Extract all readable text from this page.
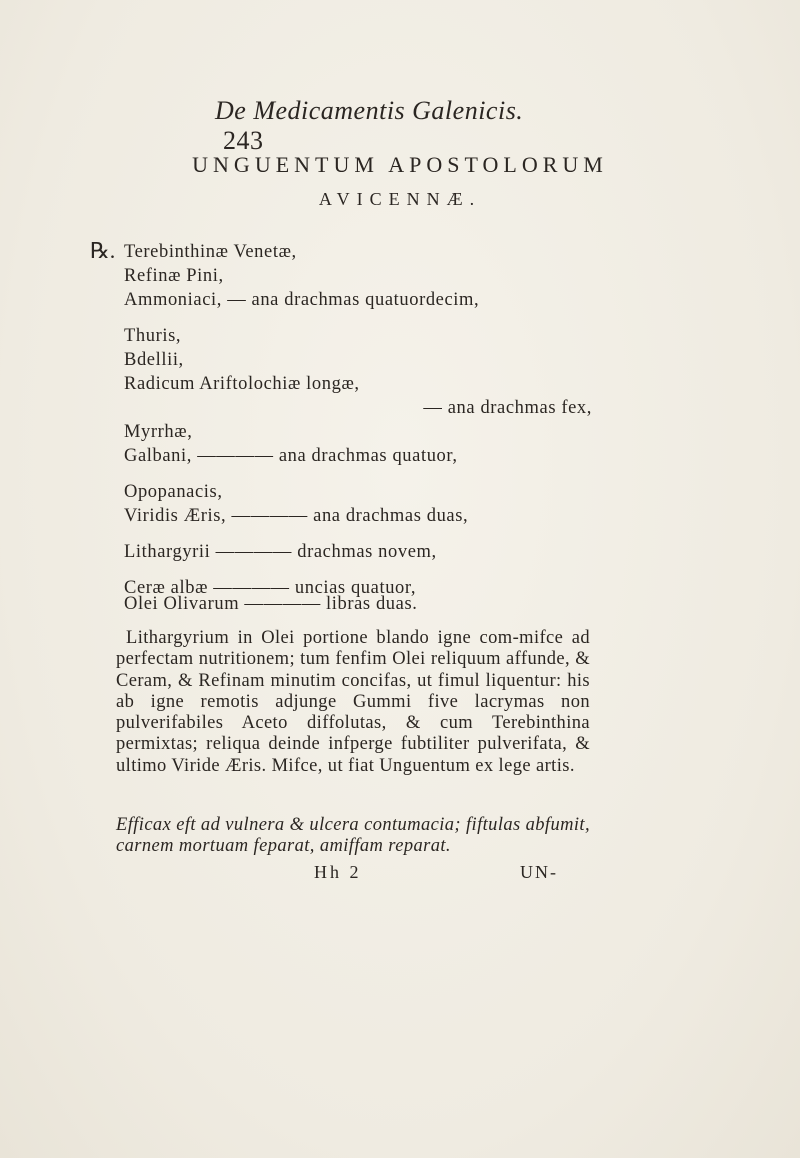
De Medicamentis Galenicis. 243
UNGUENTUM APOSTOLORUM
AVICENNÆ.
℞. Terebinthinæ Venetæ,
Refinæ Pini,
Ammoniaci, — ana drachmas quatuordecim,
Thuris,
Bdellii,
Radicum Ariftolochiæ longæ,
— ana drachmas fex,
Myrrhæ,
Galbani, ———— ana drachmas quatuor,
Opopanacis,
Viridis Æris, ———— ana drachmas duas,
Lithargyrii ———— drachmas novem,
Ceræ albæ ———— uncias quatuor,
Olei Olivarum ———— libras duas.
Lithargyrium in Olei portione blando igne com-mifce ad perfectam nutritionem; tum fenfim Olei reliquum affunde, & Ceram, & Refinam minutim concifas, ut fimul liquentur: his ab igne remotis adjunge Gummi five lacrymas non pulverifabiles Aceto diffolutas, & cum Terebinthina permixtas; reliqua deinde infperge fubtiliter pulverifata, & ultimo Viride Æris. Mifce, ut fiat Unguentum ex lege artis.
Efficax eft ad vulnera & ulcera contumacia; fiftulas abfumit, carnem mortuam feparat, amiffam reparat.
Hh 2	UN-
